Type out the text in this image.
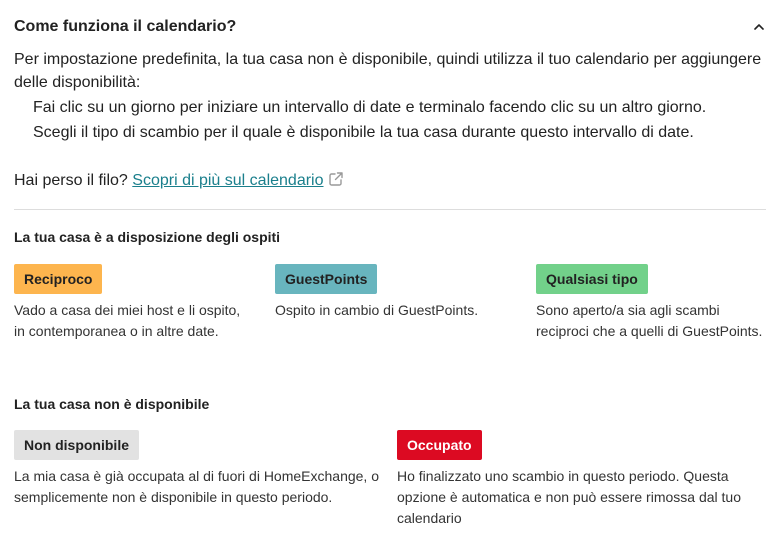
Come funziona il calendario?
Per impostazione predefinita, la tua casa non è disponibile, quindi utilizza il tuo calendario per aggiungere delle disponibilità:
Fai clic su un giorno per iniziare un intervallo di date e terminalo facendo clic su un altro giorno.
Scegli il tipo di scambio per il quale è disponibile la tua casa durante questo intervallo di date.
Hai perso il filo? Scopri di più sul calendario
La tua casa è a disposizione degli ospiti
Reciproco
Vado a casa dei miei host e li ospito, in contemporanea o in altre date.
GuestPoints
Ospito in cambio di GuestPoints.
Qualsiasi tipo
Sono aperto/a sia agli scambi reciproci che a quelli di GuestPoints.
La tua casa non è disponibile
Non disponibile
La mia casa è già occupata al di fuori di HomeExchange, o semplicemente non è disponibile in questo periodo.
Occupato
Ho finalizzato uno scambio in questo periodo. Questa opzione è automatica e non può essere rimossa dal tuo calendario
